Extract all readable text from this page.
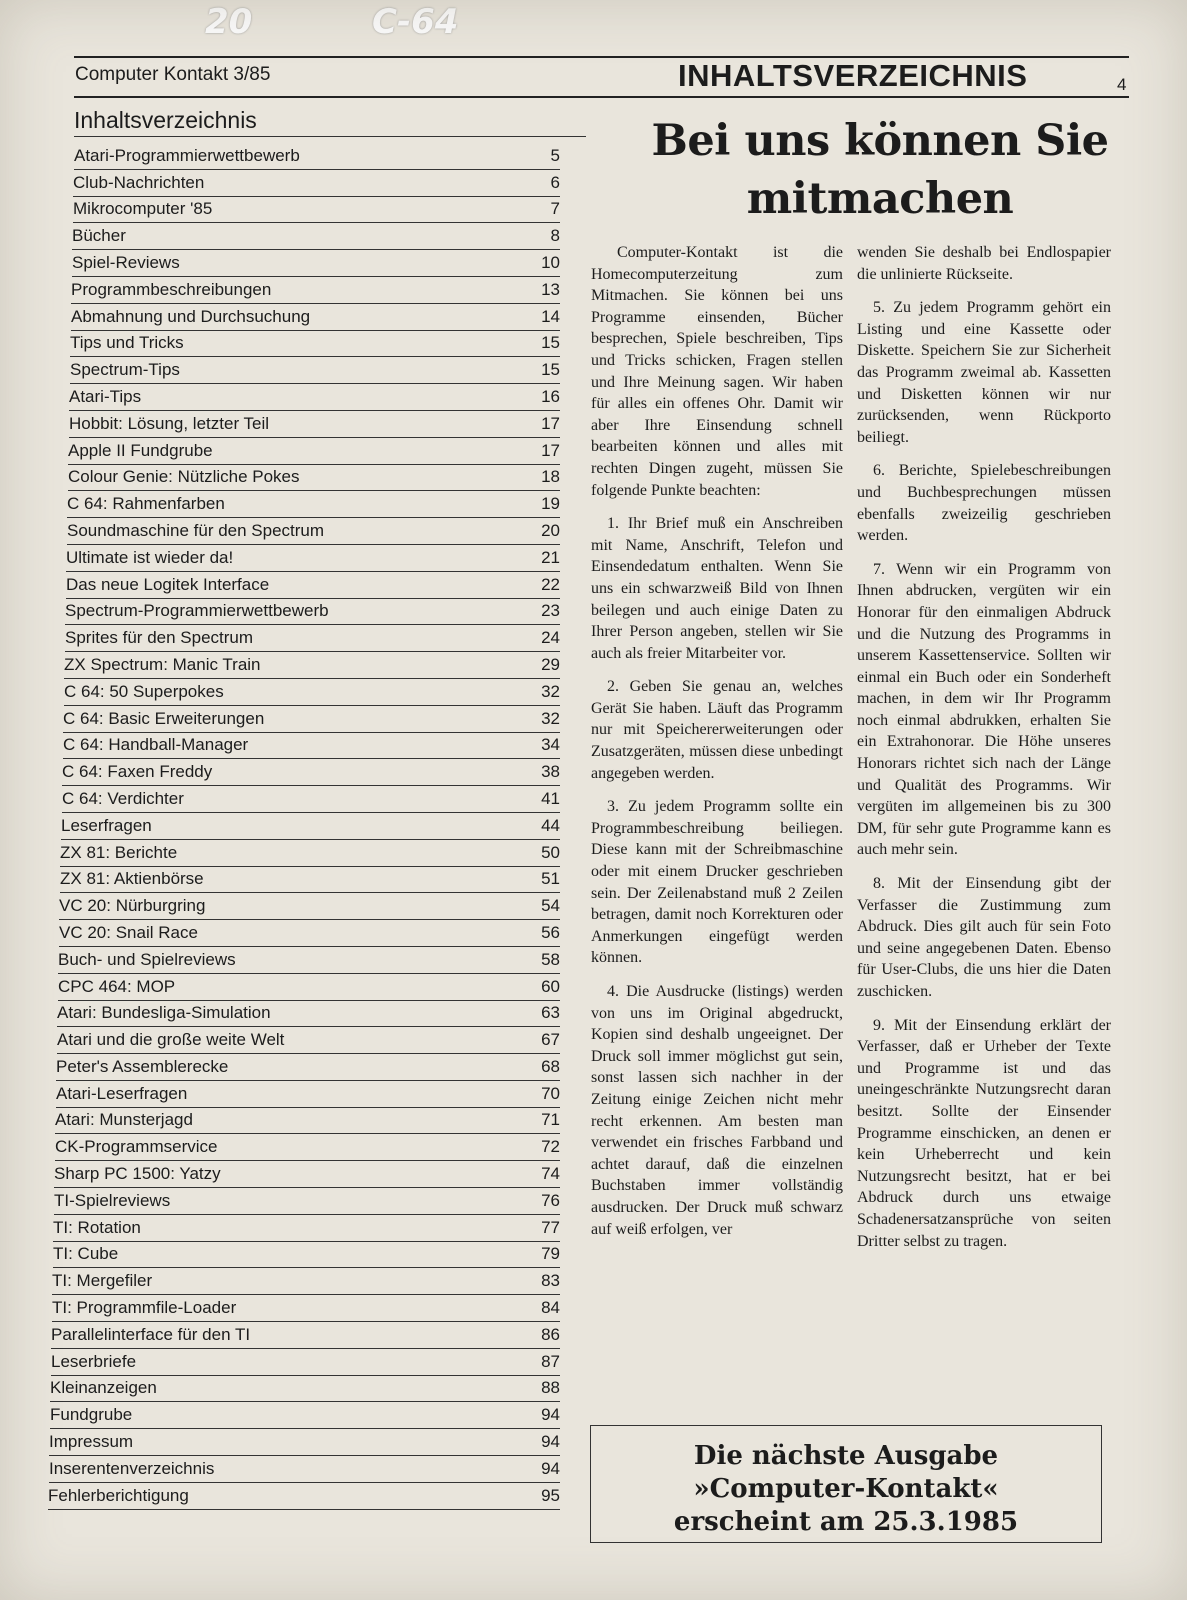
20	C-64
Computer Kontakt 3/85	INHALTSVERZEICHNIS	4
Inhaltsverzeichnis
Atari-Programmierwettbewerb	5
Club-Nachrichten	6
Mikrocomputer '85	7
Bücher	8
Spiel-Reviews	10
Programmbeschreibungen	13
Abmahnung und Durchsuchung	14
Tips und Tricks	15
Spectrum-Tips	15
Atari-Tips	16
Hobbit: Lösung, letzter Teil	17
Apple II Fundgrube	17
Colour Genie: Nützliche Pokes	18
C 64: Rahmenfarben	19
Soundmaschine für den Spectrum	20
Ultimate ist wieder da!	21
Das neue Logitek Interface	22
Spectrum-Programmierwettbewerb	23
Sprites für den Spectrum	24
ZX Spectrum: Manic Train	29
C 64: 50 Superpokes	32
C 64: Basic Erweiterungen	32
C 64: Handball-Manager	34
C 64: Faxen Freddy	38
C 64: Verdichter	41
Leserfragen	44
ZX 81: Berichte	50
ZX 81: Aktienbörse	51
VC 20: Nürburgring	54
VC 20: Snail Race	56
Buch- und Spielreviews	58
CPC 464: MOP	60
Atari: Bundesliga-Simulation	63
Atari und die große weite Welt	67
Peter's Assemblerecke	68
Atari-Leserfragen	70
Atari: Munsterjagd	71
CK-Programmservice	72
Sharp PC 1500: Yatzy	74
TI-Spielreviews	76
TI: Rotation	77
TI: Cube	79
TI: Mergefiler	83
TI: Programmfile-Loader	84
Parallelinterface für den TI	86
Leserbriefe	87
Kleinanzeigen	88
Fundgrube	94
Impressum	94
Inserentenverzeichnis	94
Fehlerberichtigung	95
Bei uns können Sie
mitmachen

Computer-Kontakt ist die Homecomputerzeitung zum Mitmachen. Sie können bei uns Programme einsenden, Bücher besprechen, Spiele beschreiben, Tips und Tricks schicken, Fragen stellen und Ihre Meinung sagen. Wir haben für alles ein offenes Ohr. Damit wir aber Ihre Einsendung schnell bearbeiten können und alles mit rechten Dingen zugeht, müssen Sie folgende Punkte beachten:

1. Ihr Brief muß ein Anschreiben mit Name, Anschrift, Telefon und Einsendedatum enthalten. Wenn Sie uns ein schwarzweiß Bild von Ihnen beilegen und auch einige Daten zu Ihrer Person angeben, stellen wir Sie auch als freier Mitarbeiter vor.

2. Geben Sie genau an, welches Gerät Sie haben. Läuft das Programm nur mit Speichererweiterungen oder Zusatzgeräten, müssen diese unbedingt angegeben werden.

3. Zu jedem Programm sollte ein Programmbeschreibung beiliegen. Diese kann mit der Schreibmaschine oder mit einem Drucker geschrieben sein. Der Zeilenabstand muß 2 Zeilen betragen, damit noch Korrekturen oder Anmerkungen eingefügt werden können.

4. Die Ausdrucke (listings) werden von uns im Original abgedruckt, Kopien sind deshalb ungeeignet. Der Druck soll immer möglichst gut sein, sonst lassen sich nachher in der Zeitung einige Zeichen nicht mehr recht erkennen. Am besten man verwendet ein frisches Farbband und achtet darauf, daß die einzelnen Buchstaben immer vollständig ausdrucken. Der Druck muß schwarz auf weiß erfolgen, ver

wenden Sie deshalb bei Endlospapier die unlinierte Rückseite.

5. Zu jedem Programm gehört ein Listing und eine Kassette oder Diskette. Speichern Sie zur Sicherheit das Programm zweimal ab. Kassetten und Disketten können wir nur zurücksenden, wenn Rückporto beiliegt.

6. Berichte, Spielebeschreibungen und Buchbesprechungen müssen ebenfalls zweizeilig geschrieben werden.

7. Wenn wir ein Programm von Ihnen abdrucken, vergüten wir ein Honorar für den einmaligen Abdruck und die Nutzung des Programms in unserem Kassettenservice. Sollten wir einmal ein Buch oder ein Sonderheft machen, in dem wir Ihr Programm noch einmal abdrukken, erhalten Sie ein Extrahonorar. Die Höhe unseres Honorars richtet sich nach der Länge und Qualität des Programms. Wir vergüten im allgemeinen bis zu 300 DM, für sehr gute Programme kann es auch mehr sein.

8. Mit der Einsendung gibt der Verfasser die Zustimmung zum Abdruck. Dies gilt auch für sein Foto und seine angegebenen Daten. Ebenso für User-Clubs, die uns hier die Daten zuschicken.

9. Mit der Einsendung erklärt der Verfasser, daß er Urheber der Texte und Programme ist und das uneingeschränkte Nutzungsrecht daran besitzt. Sollte der Einsender Programme einschicken, an denen er kein Urheberrecht und kein Nutzungsrecht besitzt, hat er bei Abdruck durch uns etwaige Schadenersatzansprüche von seiten Dritter selbst zu tragen.

Die nächste Ausgabe
»Computer-Kontakt«
erscheint am 25.3.1985
